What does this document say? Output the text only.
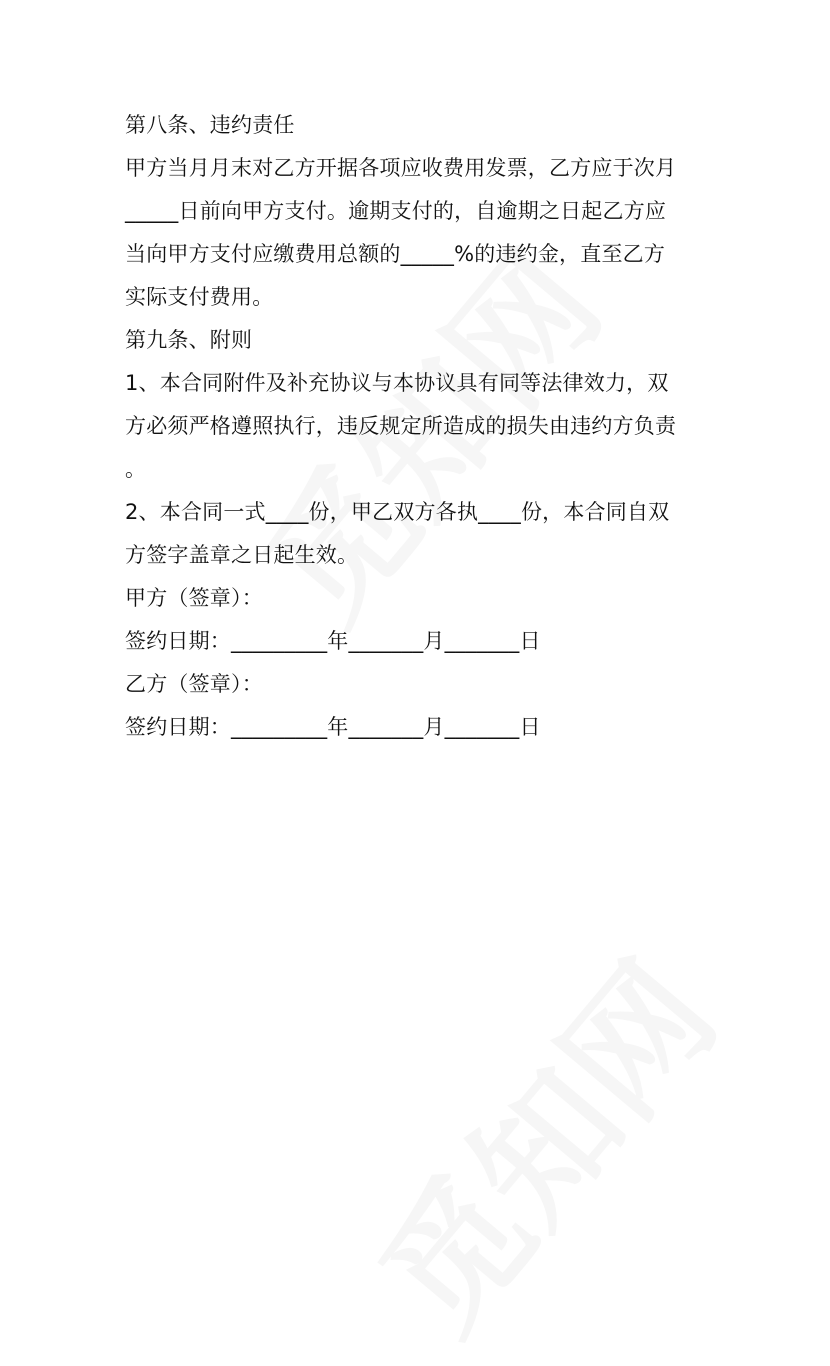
第八条、违约责任
甲方当月月末对乙方开据各项应收费用发票，乙方应于次月
_____日前向甲方支付。逾期支付的，自逾期之日起乙方应
当向甲方支付应缴费用总额的_____%的违约金，直至乙方
实际支付费用。
第九条、附则
1、本合同附件及补充协议与本协议具有同等法律效力，双
方必须严格遵照执行，违反规定所造成的损失由违约方负责
。
2、本合同一式____份，甲乙双方各执____份，本合同自双
方签字盖章之日起生效。
甲方（签章）：
签约日期：_________年_______月_______日
乙方（签章）：
签约日期：_________年_______月_______日
